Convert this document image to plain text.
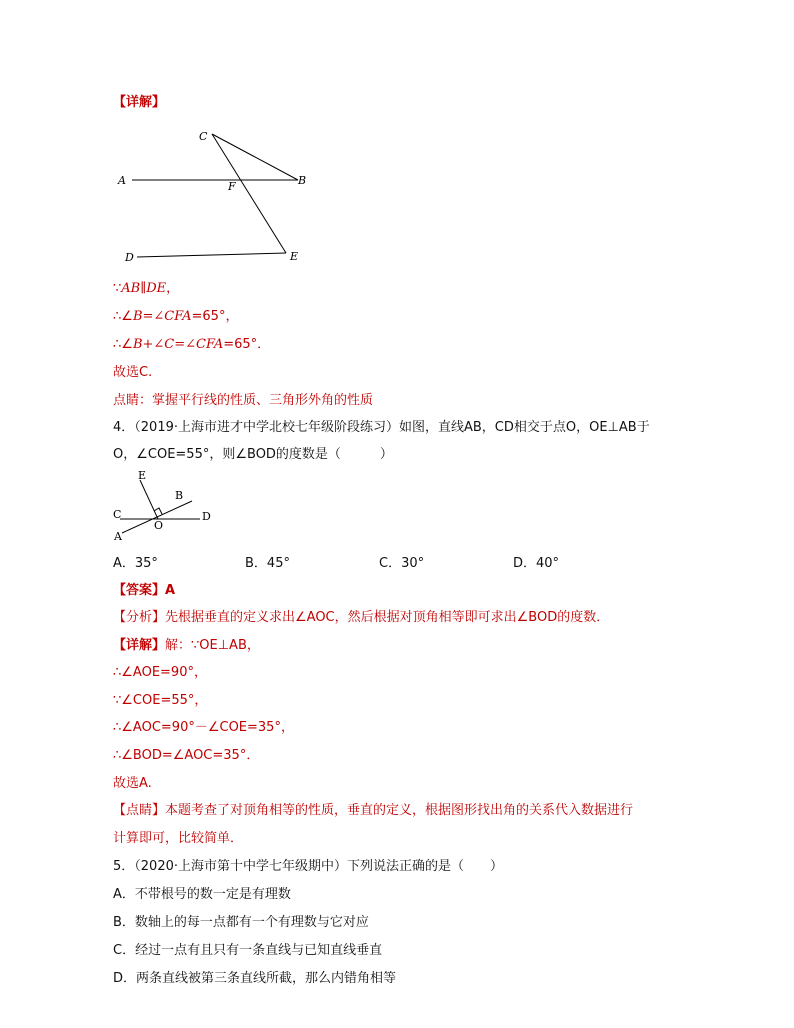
【详解】
C
A	F	B
D	E
∵AB∥DE，
∴∠B=∠CFA=65°，
∴∠B+∠C=∠CFA=65°．
故选C.
点睛：掌握平行线的性质、三角形外角的性质
4．（2019·上海市进才中学北校七年级阶段练习）如图，直线AB，CD相交于点O，OE⊥AB于
O，∠COE=55°，则∠BOD的度数是（　　　）
E
B
C
O
D
A
A．35°	B．45°	C．30°	D．40°
【答案】A
【分析】先根据垂直的定义求出∠AOC，然后根据对顶角相等即可求出∠BOD的度数．
【详解】解：∵OE⊥AB，
∴∠AOE=90°，
∵∠COE=55°，
∴∠AOC=90°－∠COE=35°，
∴∠BOD=∠AOC=35°．
故选A.
【点睛】本题考查了对顶角相等的性质，垂直的定义，根据图形找出角的关系代入数据进行
计算即可，比较简单．
5．（2020·上海市第十中学七年级期中）下列说法正确的是（　　）
A．不带根号的数一定是有理数
B．数轴上的每一点都有一个有理数与它对应
C．经过一点有且只有一条直线与已知直线垂直
D．两条直线被第三条直线所截，那么内错角相等
